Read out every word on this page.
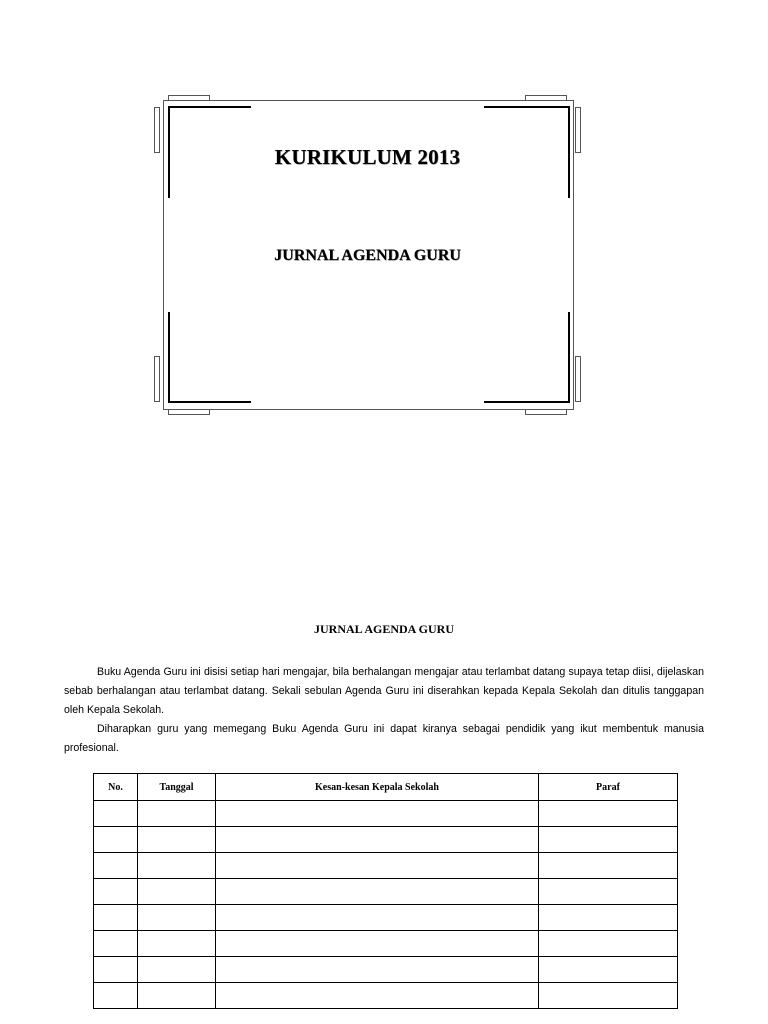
KURIKULUM 2013
JURNAL AGENDA GURU
JURNAL AGENDA GURU

Buku Agenda Guru ini disisi setiap hari mengajar, bila berhalangan mengajar atau terlambat datang supaya tetap diisi, dijelaskan sebab berhalangan atau terlambat datang. Sekali sebulan Agenda Guru ini diserahkan kepada Kepala Sekolah dan ditulis tanggapan oleh Kepala Sekolah.

Diharapkan guru yang memegang Buku Agenda Guru ini dapat kiranya sebagai pendidik yang ikut membentuk manusia profesional.

No.	Tanggal	Kesan-kesan Kepala Sekolah	Paraf
